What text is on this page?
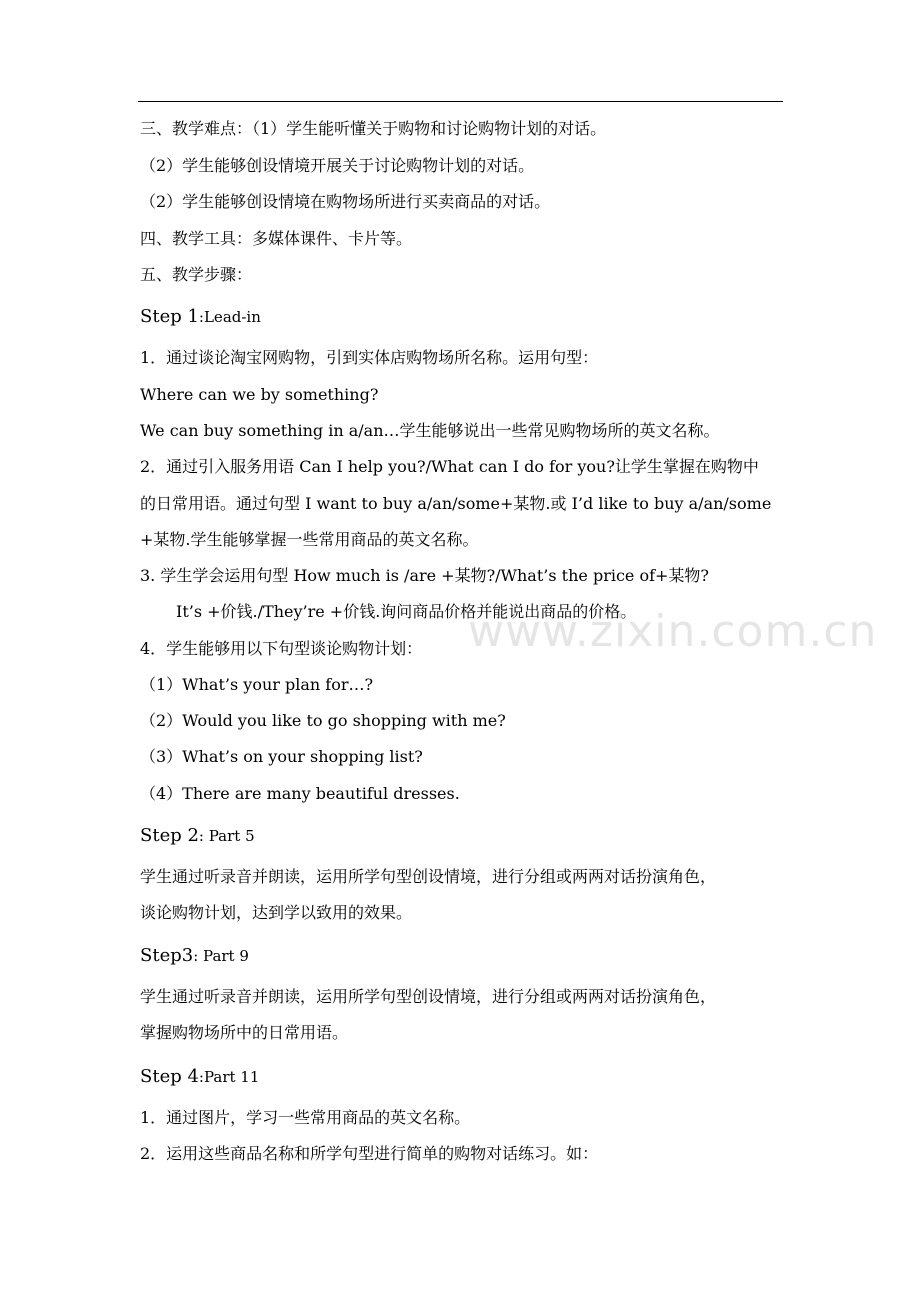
三、教学难点：（1）学生能听懂关于购物和讨论购物计划的对话。
（2）学生能够创设情境开展关于讨论购物计划的对话。
（2）学生能够创设情境在购物场所进行买卖商品的对话。
四、教学工具：多媒体课件、卡片等。
五、教学步骤：
Step 1:Lead-in
1．通过谈论淘宝网购物，引到实体店购物场所名称。运用句型：
Where can we by something?
We can buy something in a/an…学生能够说出一些常见购物场所的英文名称。
2．通过引入服务用语 Can I help you?/What can I do for you?让学生掌握在购物中
的日常用语。通过句型 I want to buy a/an/some+某物.或 I’d like to buy a/an/some
+某物.学生能够掌握一些常用商品的英文名称。
3. 学生学会运用句型 How much is /are +某物?/What’s the price of+某物?
It’s +价钱./They’re +价钱.询问商品价格并能说出商品的价格。
4．学生能够用以下句型谈论购物计划：
（1）What’s your plan for…?
（2）Would you like to go shopping with me?
（3）What’s on your shopping list?
（4）There are many beautiful dresses.
Step 2: Part 5
学生通过听录音并朗读，运用所学句型创设情境，进行分组或两两对话扮演角色，
谈论购物计划，达到学以致用的效果。
Step3: Part 9
学生通过听录音并朗读，运用所学句型创设情境，进行分组或两两对话扮演角色，
掌握购物场所中的日常用语。
Step 4:Part 11
1．通过图片，学习一些常用商品的英文名称。
2．运用这些商品名称和所学句型进行简单的购物对话练习。如：
www.zixin.com.cn
